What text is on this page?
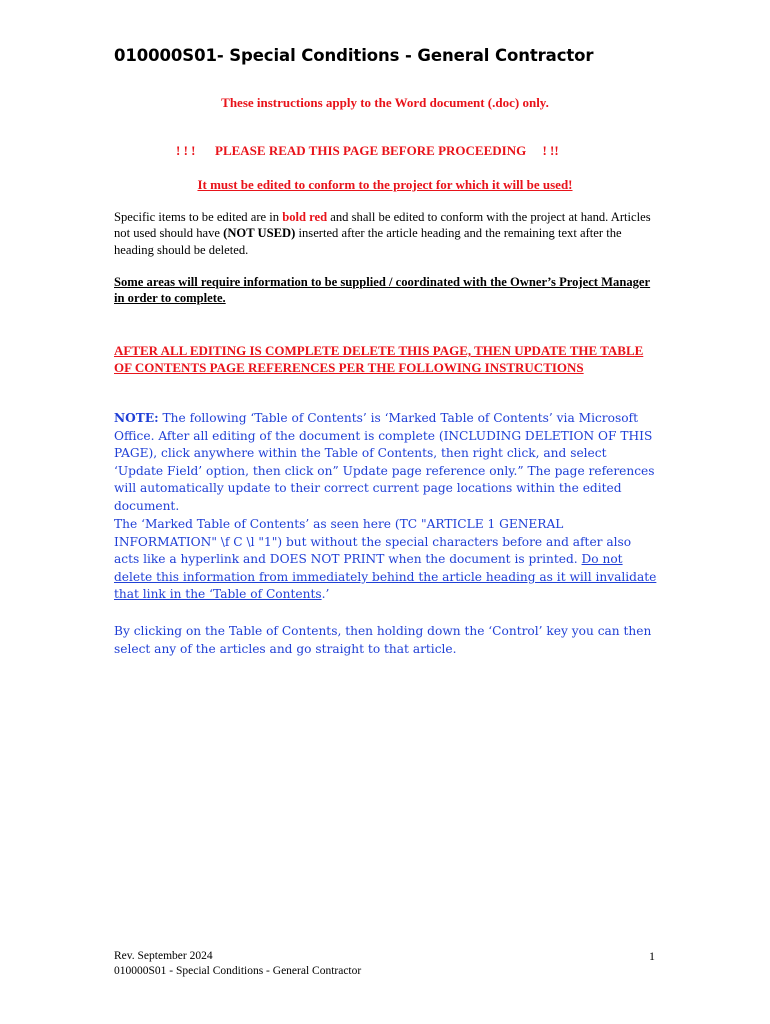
010000S01- Special Conditions - General Contractor
These instructions apply to the Word document (.doc) only.
! ! ! PLEASE READ THIS PAGE BEFORE PROCEEDING ! !!
It must be edited to conform to the project for which it will be used!

Specific items to be edited are in bold red and shall be edited to conform with the project at hand. Articles not used should have (NOT USED) inserted after the article heading and the remaining text after the heading should be deleted.

Some areas will require information to be supplied / coordinated with the Owner’s Project Manager in order to complete.

AFTER ALL EDITING IS COMPLETE DELETE THIS PAGE, THEN UPDATE THE TABLE OF CONTENTS PAGE REFERENCES PER THE FOLLOWING INSTRUCTIONS

NOTE: The following ‘Table of Contents’ is ‘Marked Table of Contents’ via Microsoft Office. After all editing of the document is complete (INCLUDING DELETION OF THIS PAGE), click anywhere within the Table of Contents, then right click, and select ‘Update Field’ option, then click on” Update page reference only.” The page references will automatically update to their correct current page locations within the edited document.

The ‘Marked Table of Contents’ as seen here (TC "ARTICLE 1 GENERAL INFORMATION" \f C \l "1") but without the special characters before and after also acts like a hyperlink and DOES NOT PRINT when the document is printed. Do not delete this information from immediately behind the article heading as it will invalidate that link in the ‘Table of Contents.’

By clicking on the Table of Contents, then holding down the ‘Control’ key you can then select any of the articles and go straight to that article.

Rev. September 2024
010000S01 - Special Conditions - General Contractor
1
